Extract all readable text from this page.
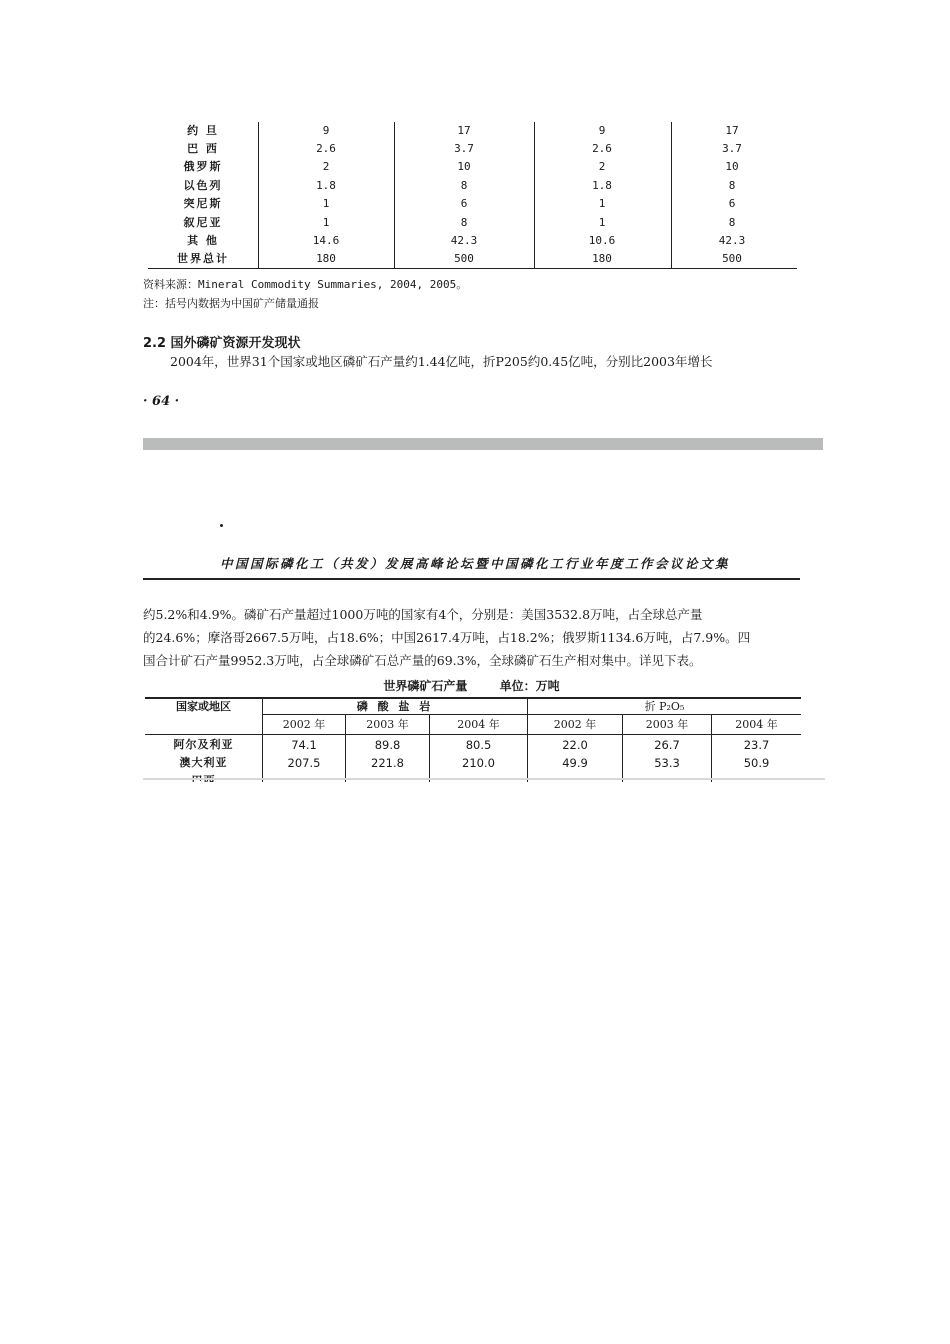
约 旦	9	17	9	17
巴 西	2.6	3.7	2.6	3.7
俄罗斯	2	10	2	10
以色列	1.8	8	1.8	8
突尼斯	1	6	1	6
叙尼亚	1	8	1	8
其 他	14.6	42.3	10.6	42.3
世界总计	180	500	180	500
资料来源：Mineral Commodity Summaries, 2004, 2005。
注：括号内数据为中国矿产储量通报
2.2 国外磷矿资源开发现状
2004年，世界31个国家或地区磷矿石产量约1.44亿吨，折P205约0.45亿吨，分别比2003年增长
· 64 ·
中国国际磷化工（共发）发展高峰论坛暨中国磷化工行业年度工作会议论文集
约5.2%和4.9%。磷矿石产量超过1000万吨的国家有4个，分别是：美国3532.8万吨，占全球总产量
的24.6%；摩洛哥2667.5万吨，占18.6%；中国2617.4万吨，占18.2%；俄罗斯1134.6万吨，占7.9%。四
国合计矿石产量9952.3万吨，占全球磷矿石总产量的69.3%，全球磷矿石生产相对集中。详见下表。
世界磷矿石产量	单位：万吨
国家或地区	磷 酸 盐 岩	折 P₂O₅
2002 年	2003 年	2004 年	2002 年	2003 年	2004 年
阿尔及利亚	74.1	89.8	80.5	22.0	26.7	23.7
澳大利亚	207.5	221.8	210.0	49.9	53.3	50.9
